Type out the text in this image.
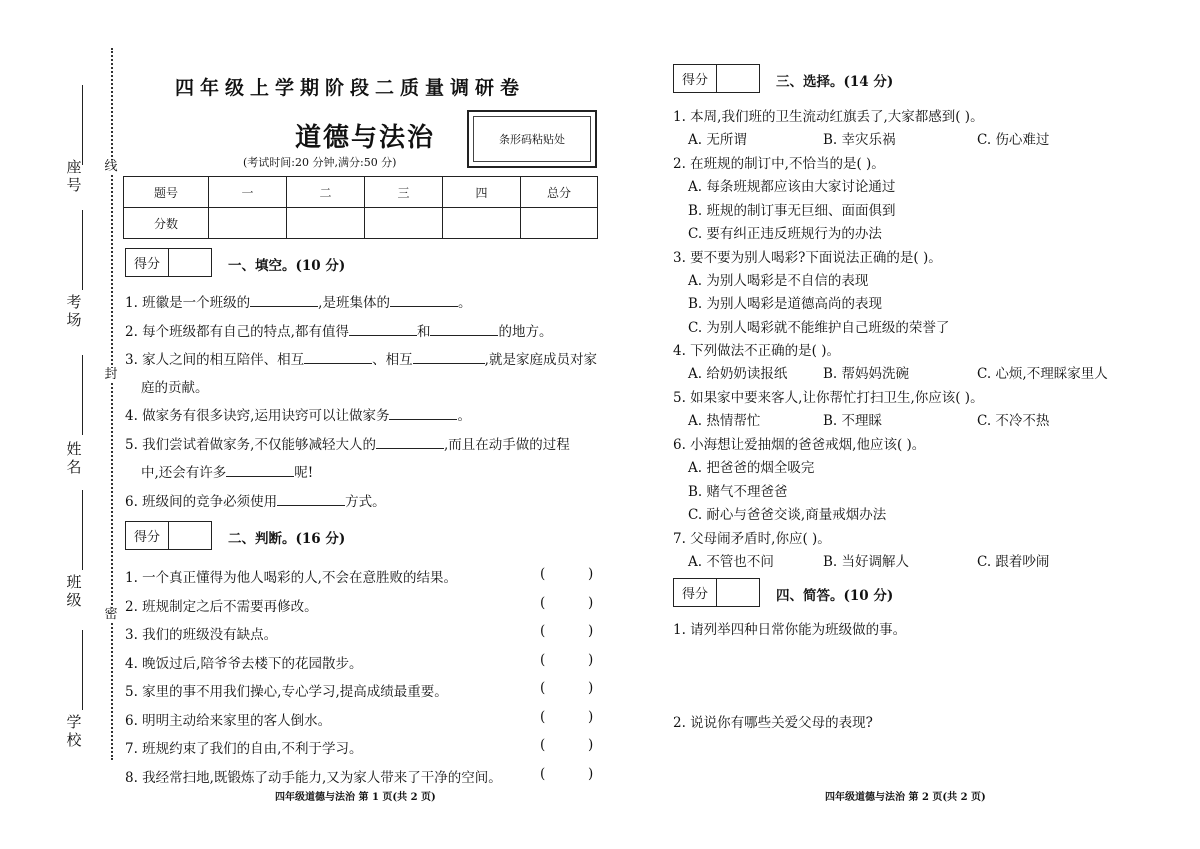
座号
考场
姓名
班级
学校
线
封
密
四年级上学期阶段二质量调研卷
道德与法治
(考试时间:20 分钟,满分:50 分)
条形码粘贴处
题号	一	二	三	四	总分
分数					
得分	一、填空。(10 分)
1. 班徽是一个班级的	,是班集体的	。
2. 每个班级都有自己的特点,都有值得	和	的地方。
3. 家人之间的相互陪伴、相互	、相互	,就是家庭成员对家
庭的贡献。
4. 做家务有很多诀窍,运用诀窍可以让做家务	。
5. 我们尝试着做家务,不仅能够减轻大人的	,而且在动手做的过程
中,还会有许多	呢!
6. 班级间的竞争必须使用	方式。
得分	二、判断。(16 分)
1. 一个真正懂得为他人喝彩的人,不会在意胜败的结果。	(	)
2. 班规制定之后不需要再修改。	(	)
3. 我们的班级没有缺点。	(	)
4. 晚饭过后,陪爷爷去楼下的花园散步。	(	)
5. 家里的事不用我们操心,专心学习,提高成绩最重要。	(	)
6. 明明主动给来家里的客人倒水。	(	)
7. 班规约束了我们的自由,不利于学习。	(	)
8. 我经常扫地,既锻炼了动手能力,又为家人带来了干净的空间。	(	)
四年级道德与法治 第 1 页(共 2 页)
得分	三、选择。(14 分)
1. 本周,我们班的卫生流动红旗丢了,大家都感到( )。
A. 无所谓	B. 幸灾乐祸	C. 伤心难过
2. 在班规的制订中,不恰当的是( )。
A. 每条班规都应该由大家讨论通过
B. 班规的制订事无巨细、面面俱到
C. 要有纠正违反班规行为的办法
3. 要不要为别人喝彩?下面说法正确的是( )。
A. 为别人喝彩是不自信的表现
B. 为别人喝彩是道德高尚的表现
C. 为别人喝彩就不能维护自己班级的荣誉了
4. 下列做法不正确的是( )。
A. 给奶奶读报纸	B. 帮妈妈洗碗	C. 心烦,不理睬家里人
5. 如果家中要来客人,让你帮忙打扫卫生,你应该( )。
A. 热情帮忙	B. 不理睬	C. 不冷不热
6. 小海想让爱抽烟的爸爸戒烟,他应该( )。
A. 把爸爸的烟全吸完
B. 赌气不理爸爸
C. 耐心与爸爸交谈,商量戒烟办法
7. 父母闹矛盾时,你应( )。
A. 不管也不问	B. 当好调解人	C. 跟着吵闹
得分	四、简答。(10 分)
1. 请列举四种日常你能为班级做的事。
2. 说说你有哪些关爱父母的表现?
四年级道德与法治 第 2 页(共 2 页)
